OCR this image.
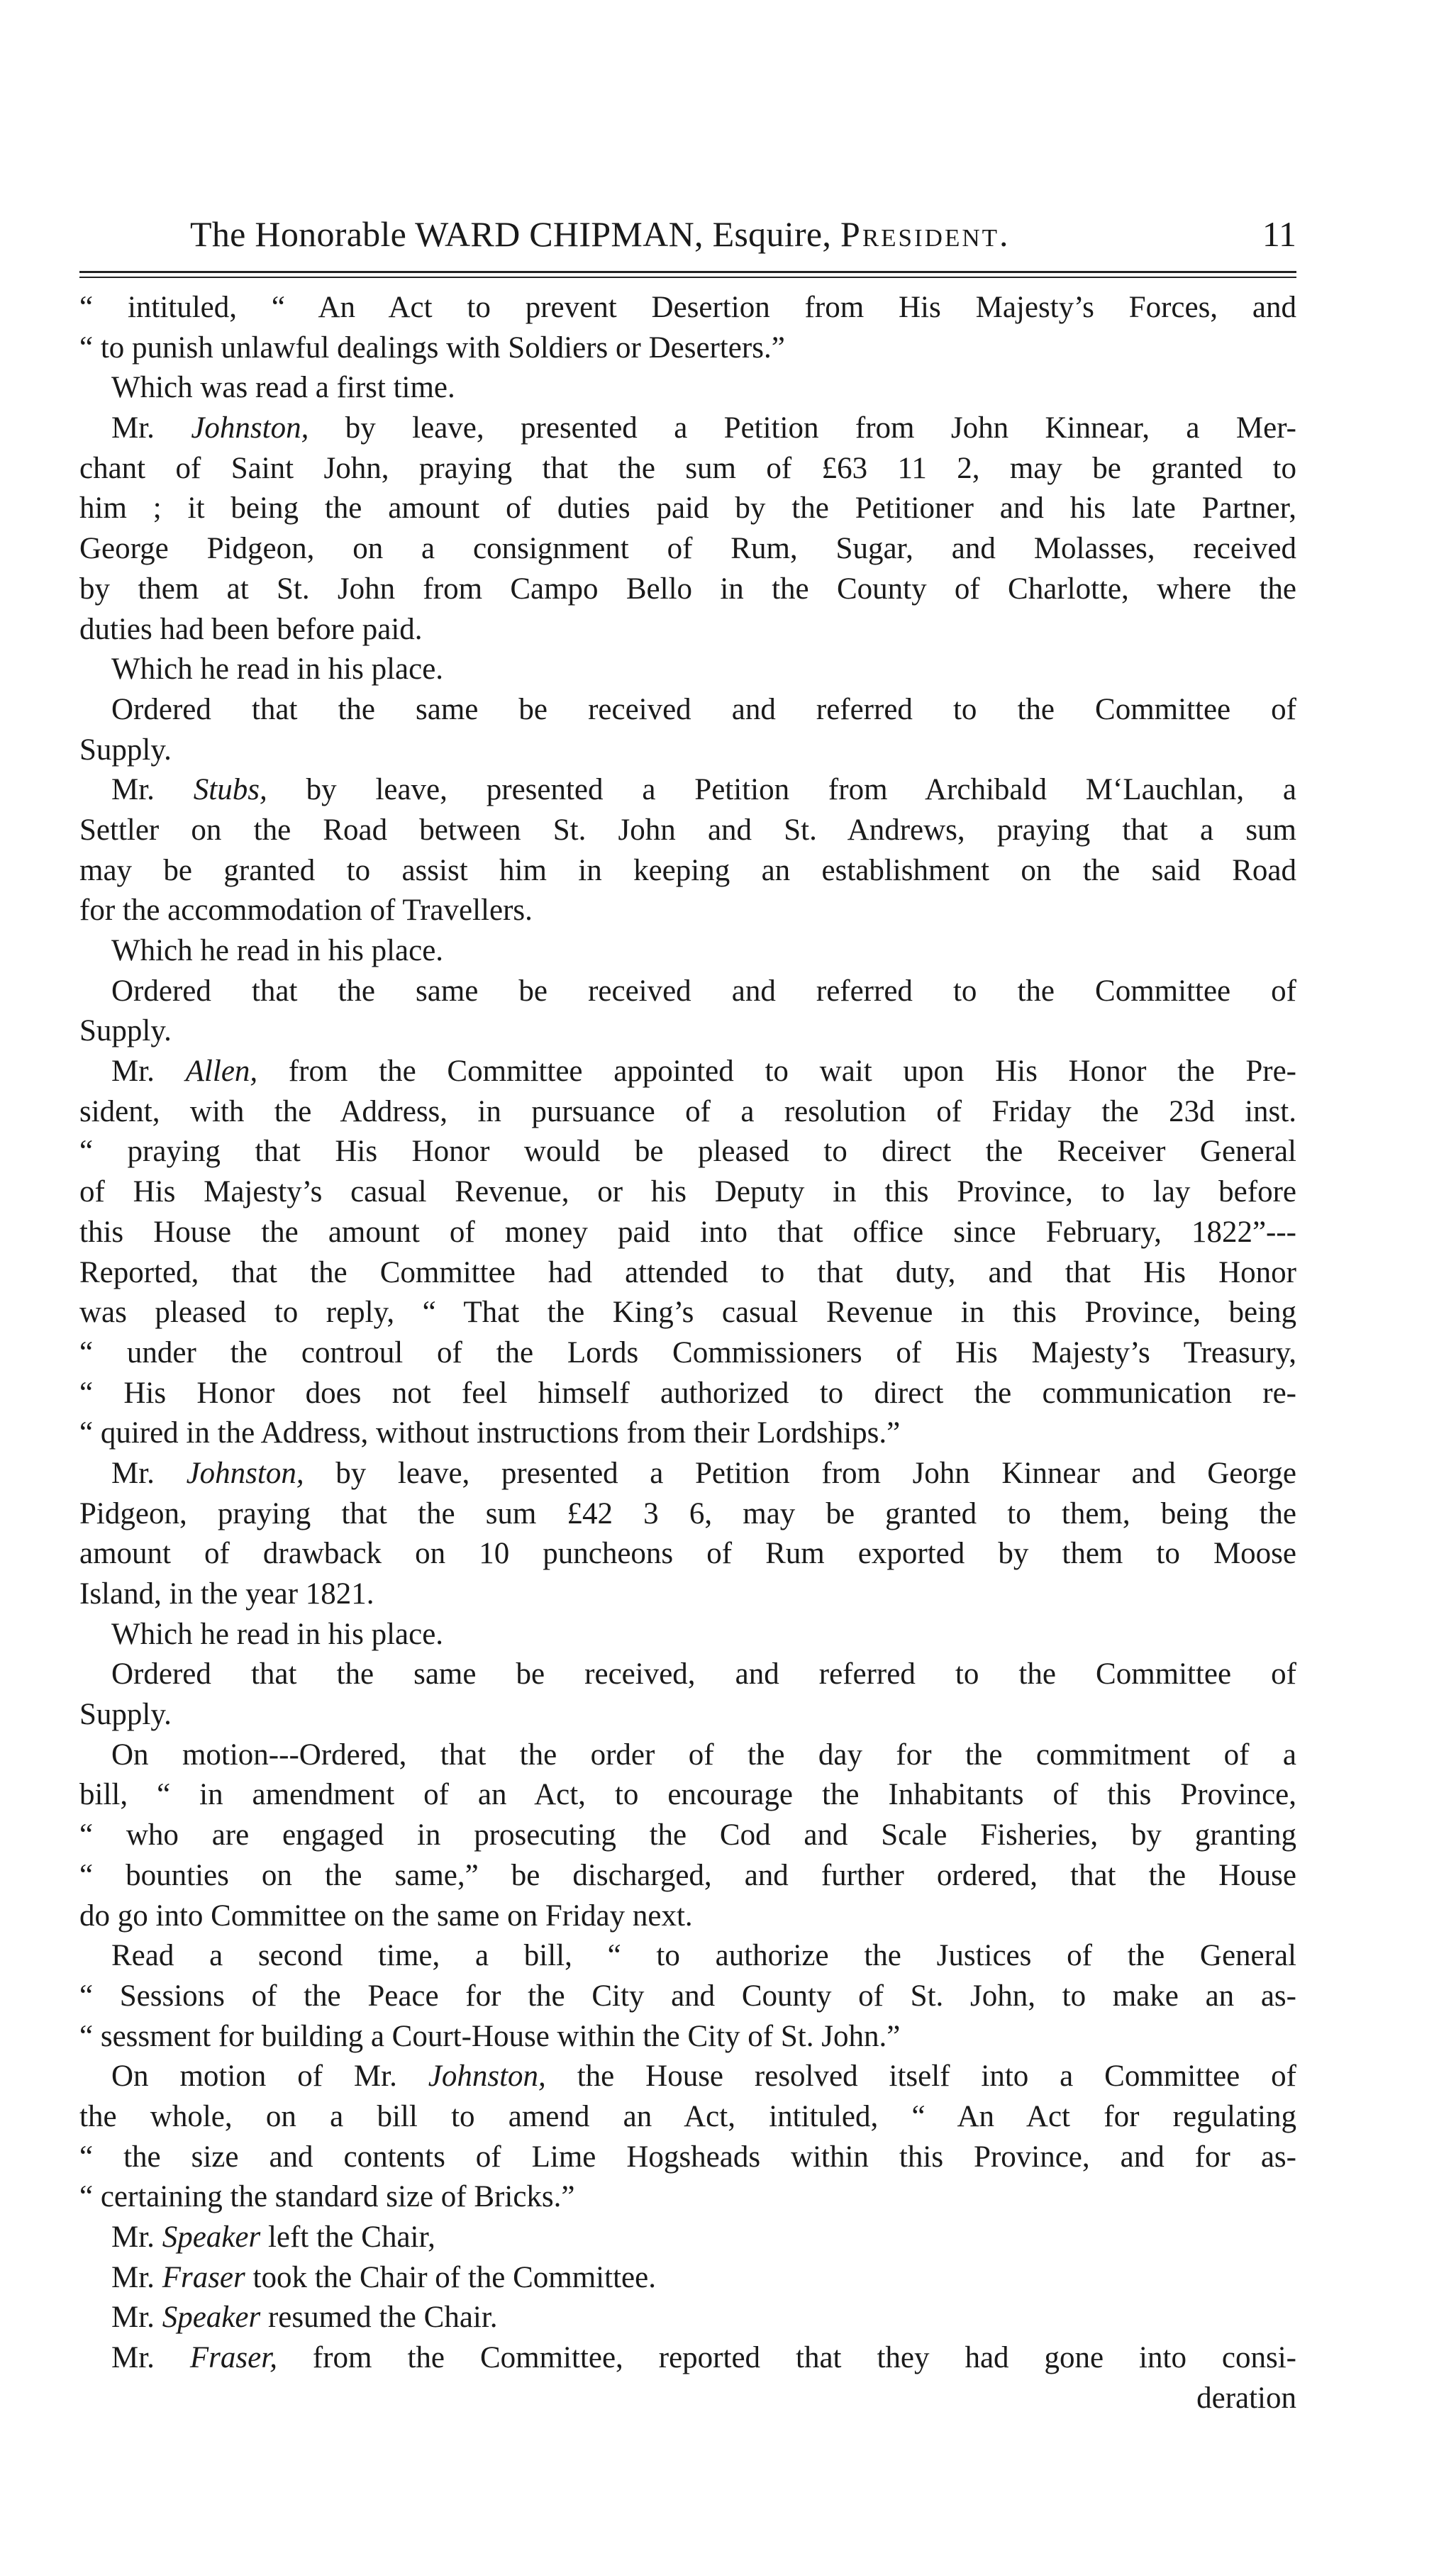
The Honorable WARD CHIPMAN, Esquire, President.	11
“ intituled, “ An Act to prevent Desertion from His Majesty’s Forces, and
“ to punish unlawful dealings with Soldiers or Deserters.”
Which was read a first time.
Mr. Johnston, by leave, presented a Petition from John Kinnear, a Mer-
chant of Saint John, praying that the sum of £63 11 2, may be granted to
him ; it being the amount of duties paid by the Petitioner and his late Partner,
George Pidgeon, on a consignment of Rum, Sugar, and Molasses, received
by them at St. John from Campo Bello in the County of Charlotte, where the
duties had been before paid.
Which he read in his place.
Ordered that the same be received and referred to the Committee of
Supply.
Mr. Stubs, by leave, presented a Petition from Archibald M‘Lauchlan, a
Settler on the Road between St. John and St. Andrews, praying that a sum
may be granted to assist him in keeping an establishment on the said Road
for the accommodation of Travellers.
Which he read in his place.
Ordered that the same be received and referred to the Committee of
Supply.
Mr. Allen, from the Committee appointed to wait upon His Honor the Pre-
sident, with the Address, in pursuance of a resolution of Friday the 23d inst.
“ praying that His Honor would be pleased to direct the Receiver General
of His Majesty’s casual Revenue, or his Deputy in this Province, to lay before
this House the amount of money paid into that office since February, 1822”---
Reported, that the Committee had attended to that duty, and that His Honor
was pleased to reply, “ That the King’s casual Revenue in this Province, being
“ under the controul of the Lords Commissioners of His Majesty’s Treasury,
“ His Honor does not feel himself authorized to direct the communication re-
“ quired in the Address, without instructions from their Lordships.”
Mr. Johnston, by leave, presented a Petition from John Kinnear and George
Pidgeon, praying that the sum £42 3 6, may be granted to them, being the
amount of drawback on 10 puncheons of Rum exported by them to Moose
Island, in the year 1821.
Which he read in his place.
Ordered that the same be received, and referred to the Committee of
Supply.
On motion---Ordered, that the order of the day for the commitment of a
bill, “ in amendment of an Act, to encourage the Inhabitants of this Province,
“ who are engaged in prosecuting the Cod and Scale Fisheries, by granting
“ bounties on the same,” be discharged, and further ordered, that the House
do go into Committee on the same on Friday next.
Read a second time, a bill, “ to authorize the Justices of the General
“ Sessions of the Peace for the City and County of St. John, to make an as-
“ sessment for building a Court-House within the City of St. John.”
On motion of Mr. Johnston, the House resolved itself into a Committee of
the whole, on a bill to amend an Act, intituled, “ An Act for regulating
“ the size and contents of Lime Hogsheads within this Province, and for as-
“ certaining the standard size of Bricks.”
Mr. Speaker left the Chair,
Mr. Fraser took the Chair of the Committee.
Mr. Speaker resumed the Chair.
Mr. Fraser, from the Committee, reported that they had gone into consi-
deration
